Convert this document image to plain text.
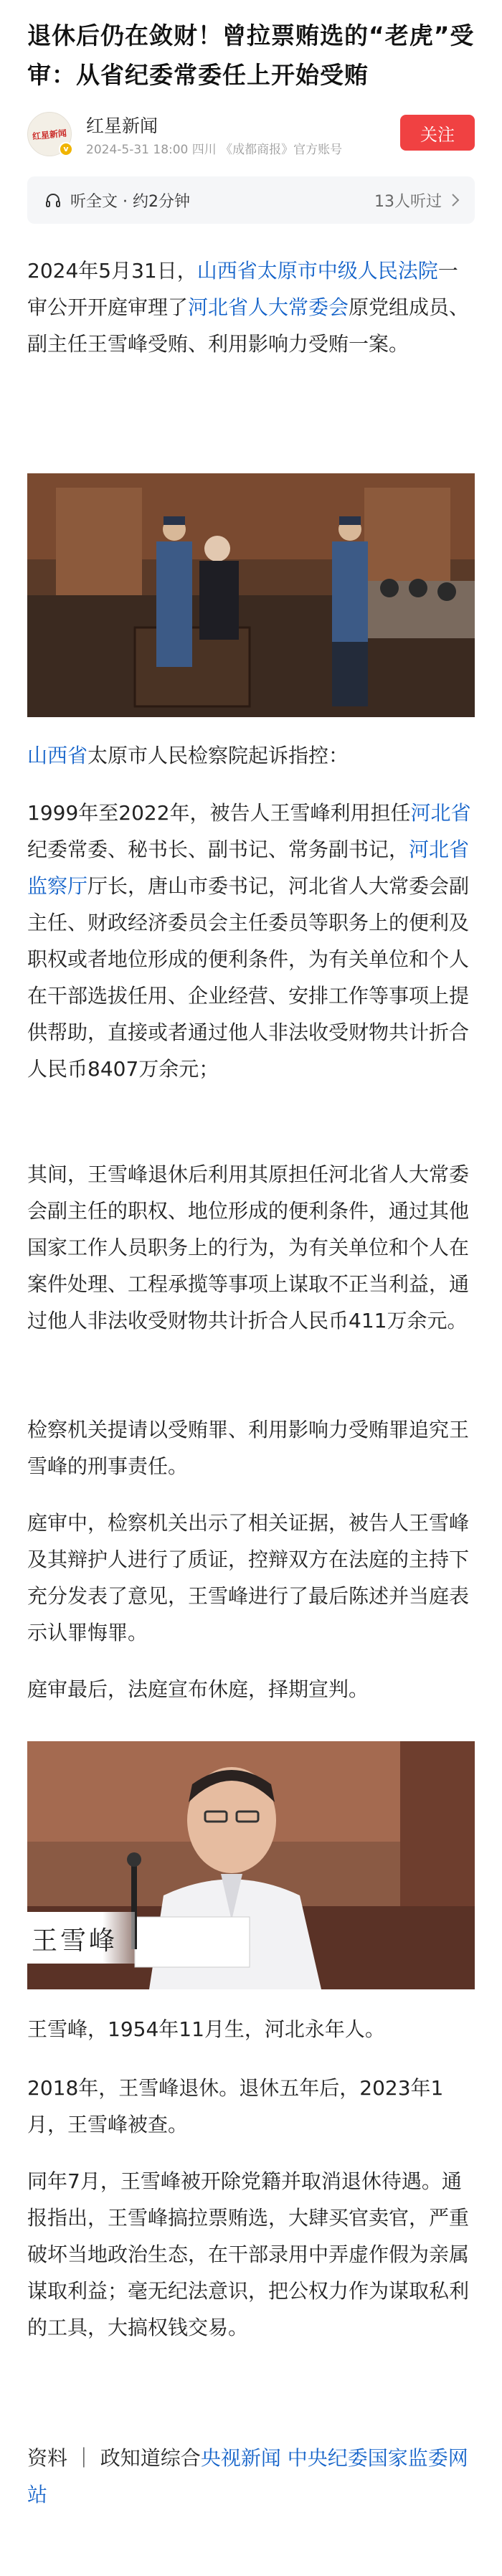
退休后仍在敛财！曾拉票贿选的“老虎”受审：从省纪委常委任上开始受贿
红星新闻
v
红星新闻
2024-5-31 18:00 四川 《成都商报》官方账号
关注
听全文 · 约2分钟	13人听过

2024年5月31日，山西省太原市中级人民法院一审公开开庭审理了河北省人大常委会原党组成员、副主任王雪峰受贿、利用影响力受贿一案。

山西省太原市人民检察院起诉指控：

1999年至2022年，被告人王雪峰利用担任河北省纪委常委、秘书长、副书记、常务副书记，河北省监察厅厅长，唐山市委书记，河北省人大常委会副主任、财政经济委员会主任委员等职务上的便利及职权或者地位形成的便利条件，为有关单位和个人在干部选拔任用、企业经营、安排工作等事项上提供帮助，直接或者通过他人非法收受财物共计折合人民币8407万余元；

其间，王雪峰退休后利用其原担任河北省人大常委会副主任的职权、地位形成的便利条件，通过其他国家工作人员职务上的行为，为有关单位和个人在案件处理、工程承揽等事项上谋取不正当利益，通过他人非法收受财物共计折合人民币411万余元。

检察机关提请以受贿罪、利用影响力受贿罪追究王雪峰的刑事责任。

庭审中，检察机关出示了相关证据，被告人王雪峰及其辩护人进行了质证，控辩双方在法庭的主持下充分发表了意见，王雪峰进行了最后陈述并当庭表示认罪悔罪。

庭审最后，法庭宣布休庭，择期宣判。

王雪峰

王雪峰，1954年11月生，河北永年人。

2018年，王雪峰退休。退休五年后，2023年1月，王雪峰被查。

同年7月，王雪峰被开除党籍并取消退休待遇。通报指出，王雪峰搞拉票贿选，大肆买官卖官，严重破坏当地政治生态，在干部录用中弄虚作假为亲属谋取利益；毫无纪法意识，把公权力作为谋取私利的工具，大搞权钱交易。

资料 ｜ 政知道综合央视新闻 中央纪委国家监委网站
